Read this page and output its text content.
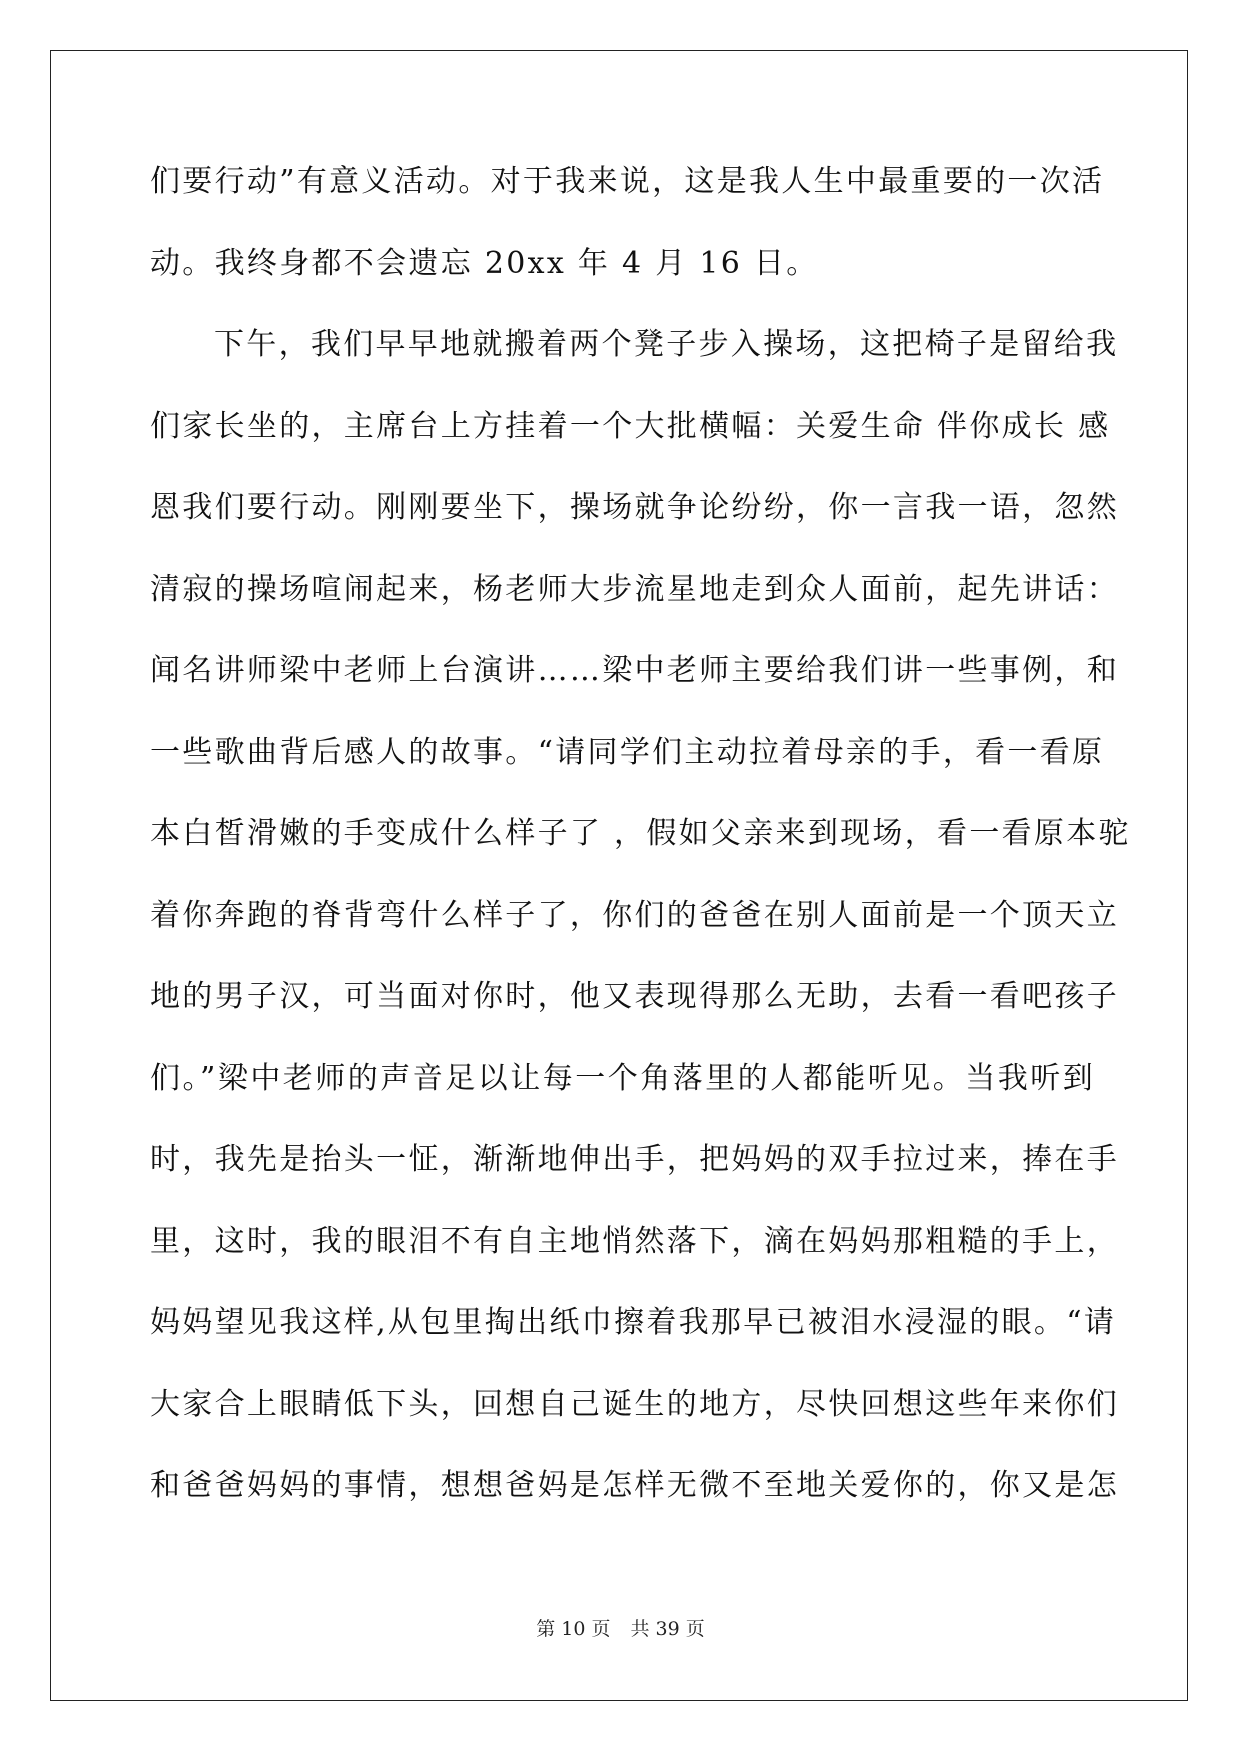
们要行动”有意义活动。对于我来说，这是我人生中最重要的一次活
动。我终身都不会遗忘 20xx 年 4 月 16 日。
下午，我们早早地就搬着两个凳子步入操场，这把椅子是留给我
们家长坐的，主席台上方挂着一个大批横幅：关爱生命 伴你成长 感
恩我们要行动。刚刚要坐下，操场就争论纷纷，你一言我一语，忽然
清寂的操场喧闹起来，杨老师大步流星地走到众人面前，起先讲话：
闻名讲师梁中老师上台演讲……梁中老师主要给我们讲一些事例，和
一些歌曲背后感人的故事。“请同学们主动拉着母亲的手，看一看原
本白皙滑嫩的手变成什么样子了 ，假如父亲来到现场，看一看原本驼
着你奔跑的脊背弯什么样子了，你们的爸爸在别人面前是一个顶天立
地的男子汉，可当面对你时，他又表现得那么无助，去看一看吧孩子
们。”梁中老师的声音足以让每一个角落里的人都能听见。当我听到
时，我先是抬头一怔，渐渐地伸出手，把妈妈的双手拉过来，捧在手
里，这时，我的眼泪不有自主地悄然落下，滴在妈妈那粗糙的手上，
妈妈望见我这样,从包里掏出纸巾擦着我那早已被泪水浸湿的眼。“请
大家合上眼睛低下头，回想自己诞生的地方，尽快回想这些年来你们
和爸爸妈妈的事情，想想爸妈是怎样无微不至地关爱你的，你又是怎
第 10 页 共 39 页
